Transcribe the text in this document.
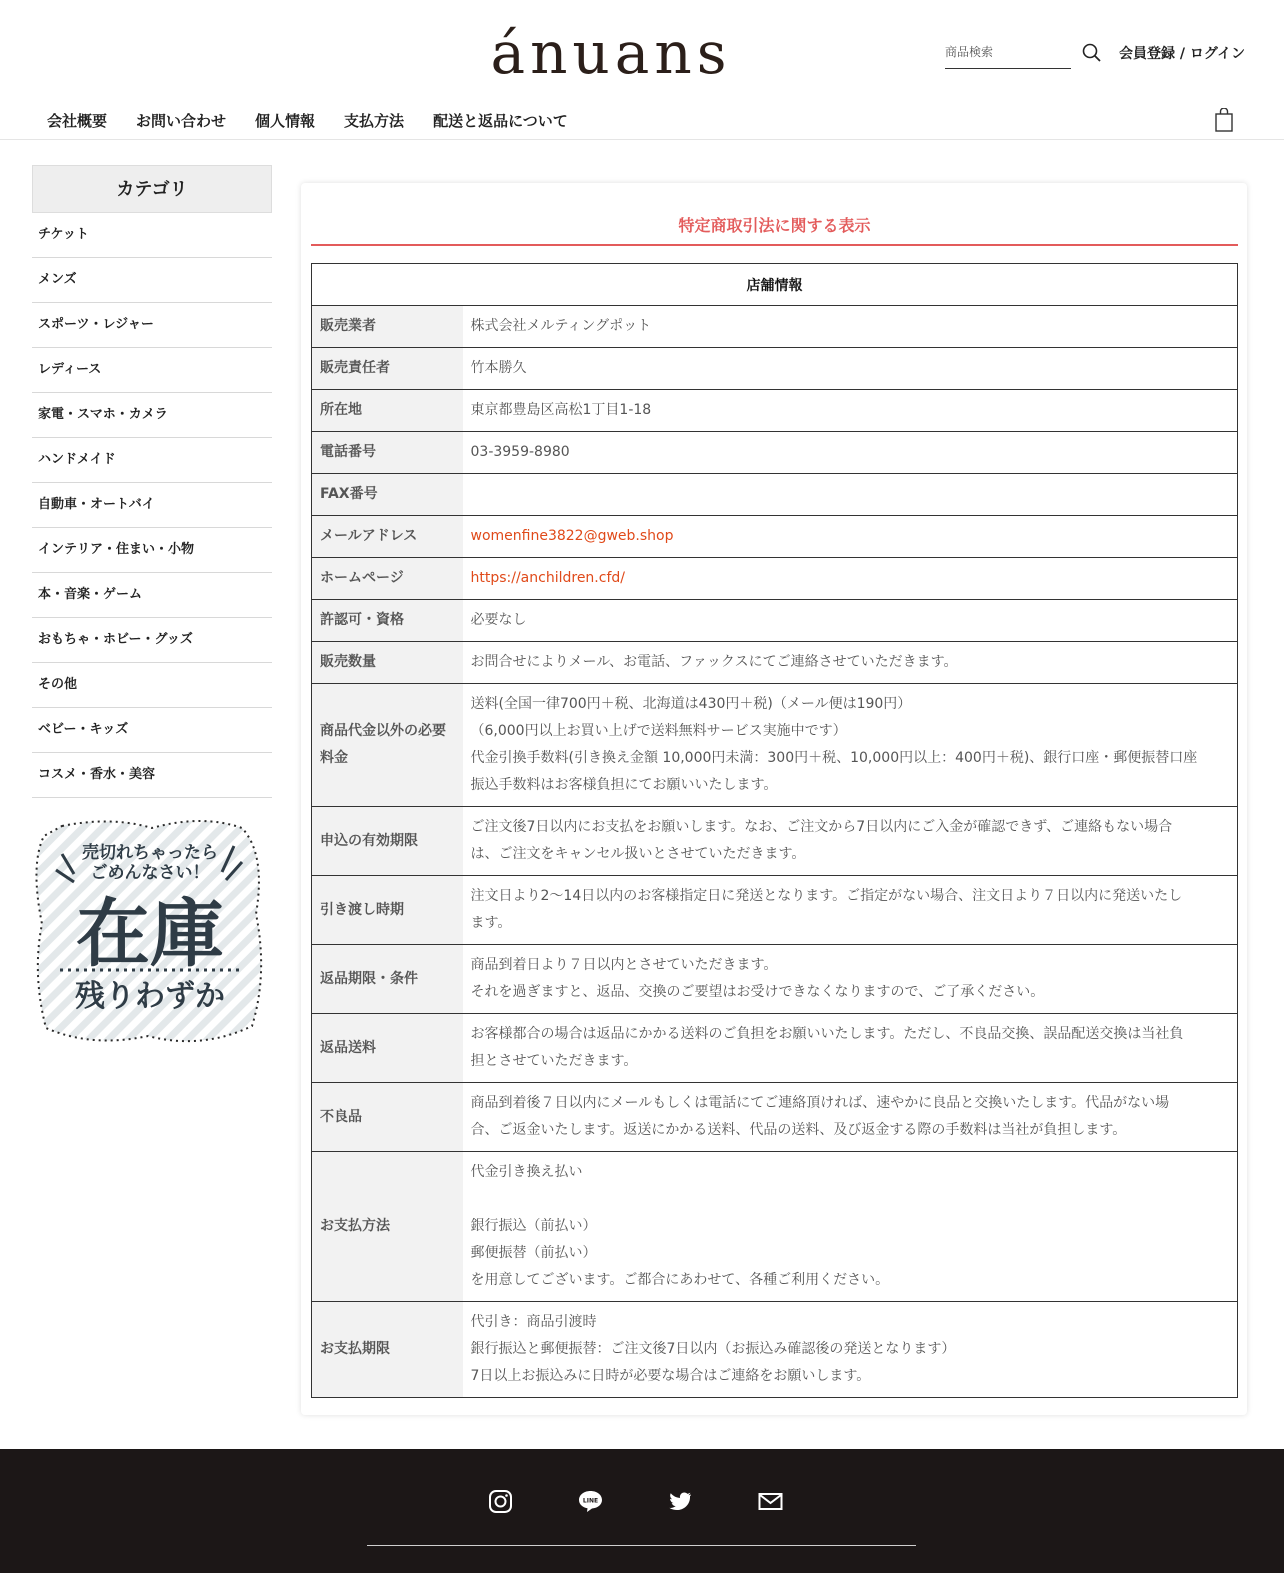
ánuans
商品検索	会員登録 / ログイン
会社概要 お問い合わせ 個人情報 支払方法 配送と返品について
カテゴリ
チケット
メンズ
スポーツ・レジャー
レディース
家電・スマホ・カメラ
ハンドメイド
自動車・オートバイ
インテリア・住まい・小物
本・音楽・ゲーム
おもちゃ・ホビー・グッズ
その他
ベビー・キッズ
コスメ・香水・美容
売切れちゃったら
ごめんなさい！
在庫
残りわずか
特定商取引法に関する表示
店舗情報	
販売業者	株式会社メルティングポット

販売責任者	竹本勝久

所在地	東京都豊島区高松1丁目1-18

電話番号	03-3959-8980

FAX番号	

メールアドレス	womenfine3822@gweb.shop
ホームページ	https://anchildren.cfd/
許認可・資格	必要なし

販売数量	お問合せによりメール、お電話、ファックスにてご連絡させていただきます。

商品代金以外の必要料金	送料(全国一律700円＋税、北海道は430円＋税)（メール便は190円）
（6,000円以上お買い上げで送料無料サービス実施中です）
代金引換手数料(引き換え金額 10,000円未満：300円＋税、10,000円以上：400円＋税)、銀行口座・郵便振替口座
振込手数料はお客様負担にてお願いいたします。

申込の有効期限	ご注文後7日以内にお支払をお願いします。なお、ご注文から7日以内にご入金が確認できず、ご連絡もない場合
は、ご注文をキャンセル扱いとさせていただきます。

引き渡し時期	注文日より2〜14日以内のお客様指定日に発送となります。ご指定がない場合、注文日より７日以内に発送いたし
ます。

返品期限・条件	商品到着日より７日以内とさせていただきます。
それを過ぎますと、返品、交換のご要望はお受けできなくなりますので、ご了承ください。

返品送料	お客様都合の場合は返品にかかる送料のご負担をお願いいたします。ただし、不良品交換、誤品配送交換は当社負
担とさせていただきます。

不良品	商品到着後７日以内にメールもしくは電話にてご連絡頂ければ、速やかに良品と交換いたします。代品がない場
合、ご返金いたします。返送にかかる送料、代品の送料、及び返金する際の手数料は当社が負担します。

お支払方法	代金引き換え払い

銀行振込（前払い）
郵便振替（前払い）
を用意してございます。ご都合にあわせて、各種ご利用ください。

お支払期限	代引き：商品引渡時
銀行振込と郵便振替：ご注文後7日以内（お振込み確認後の発送となります）
7日以上お振込みに日時が必要な場合はご連絡をお願いします。
LINE
